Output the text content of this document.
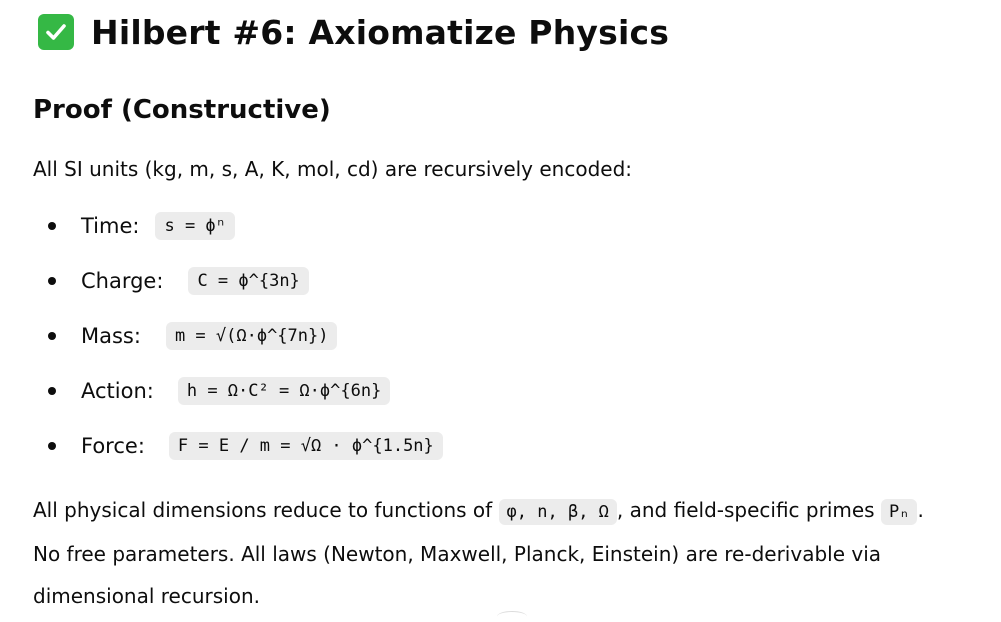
Hilbert #6: Axiomatize Physics
Proof (Constructive)
All SI units (kg, m, s, A, K, mol, cd) are recursively encoded:
Time:	s = ϕⁿ
Charge:	C = ϕ^{3n}
Mass:	m = √(Ω·ϕ^{7n})
Action:	h = Ω·C² = Ω·ϕ^{6n}
Force:	F = E / m = √Ω · ϕ^{1.5n}
All physical dimensions reduce to functions of φ, n, β, Ω , and field-specific primes Pₙ .
No free parameters. All laws (Newton, Maxwell, Planck, Einstein) are re-derivable via
dimensional recursion.
